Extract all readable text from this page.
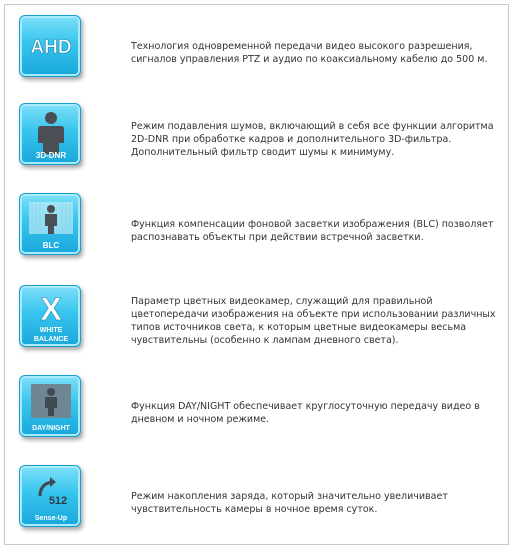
AHD	Технология одновременной передачи видео высокого разрешения, сигналов управления PTZ и аудио по коаксиальному кабелю до 500 м.
3D-DNR
Режим подавления шумов, включающий в себя все функции алгоритма 2D-DNR при обработке кадров и дополнительного 3D-фильтра. Дополнительный фильтр сводит шумы к минимуму.
BLC
Функция компенсации фоновой засветки изображения (BLC) позволяет распознавать объекты при действии встречной засветки.
X
WHITE
BALANCE
Параметр цветных видеокамер, служащий для правильной цветопередачи изображения на объекте при использовании различных типов источников света, к которым цветные видеокамеры весьма чувствительны (особенно к лампам дневного света).
DAY/NIGHT
Функция DAY/NIGHT обеспечивает круглосуточную передачу видео в дневном и ночном режиме.
512
Sense-Up
Режим накопления заряда, который значительно увеличивает чувствительность камеры в ночное время суток.
